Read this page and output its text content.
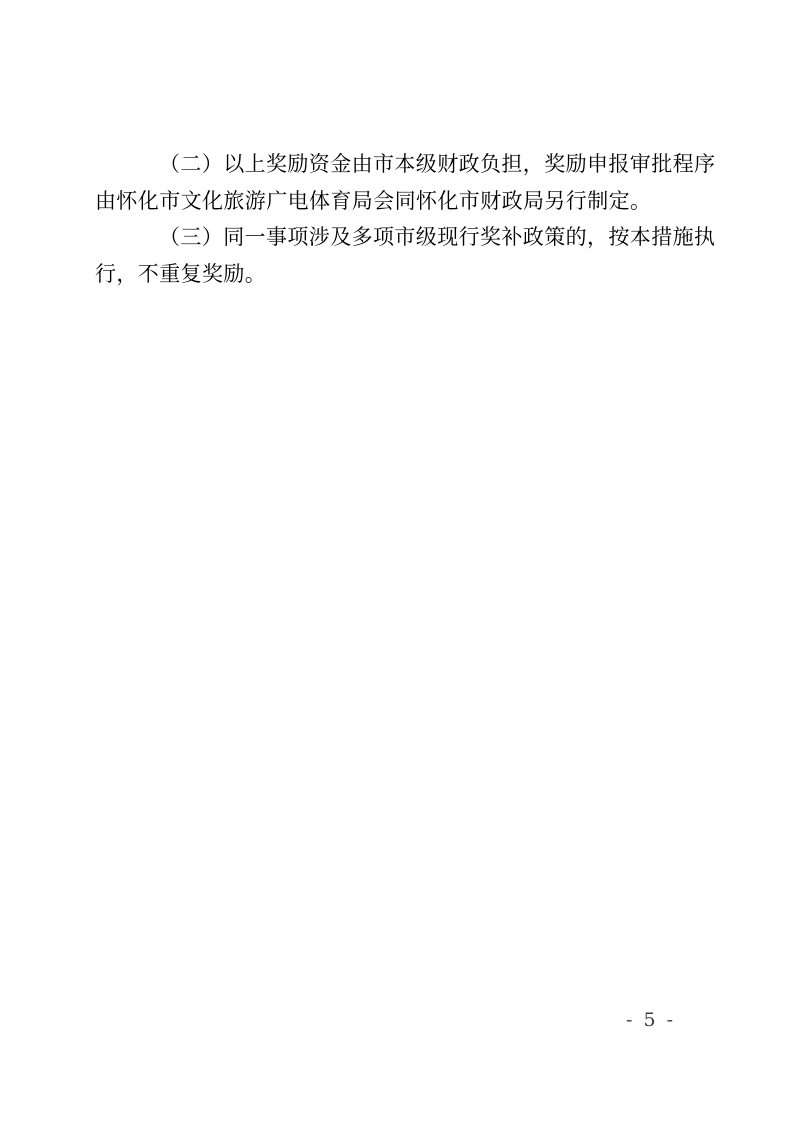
（二）以上奖励资金由市本级财政负担，奖励申报审批程序
由怀化市文化旅游广电体育局会同怀化市财政局另行制定。
（三）同一事项涉及多项市级现行奖补政策的，按本措施执
行，不重复奖励。
- 5 -
